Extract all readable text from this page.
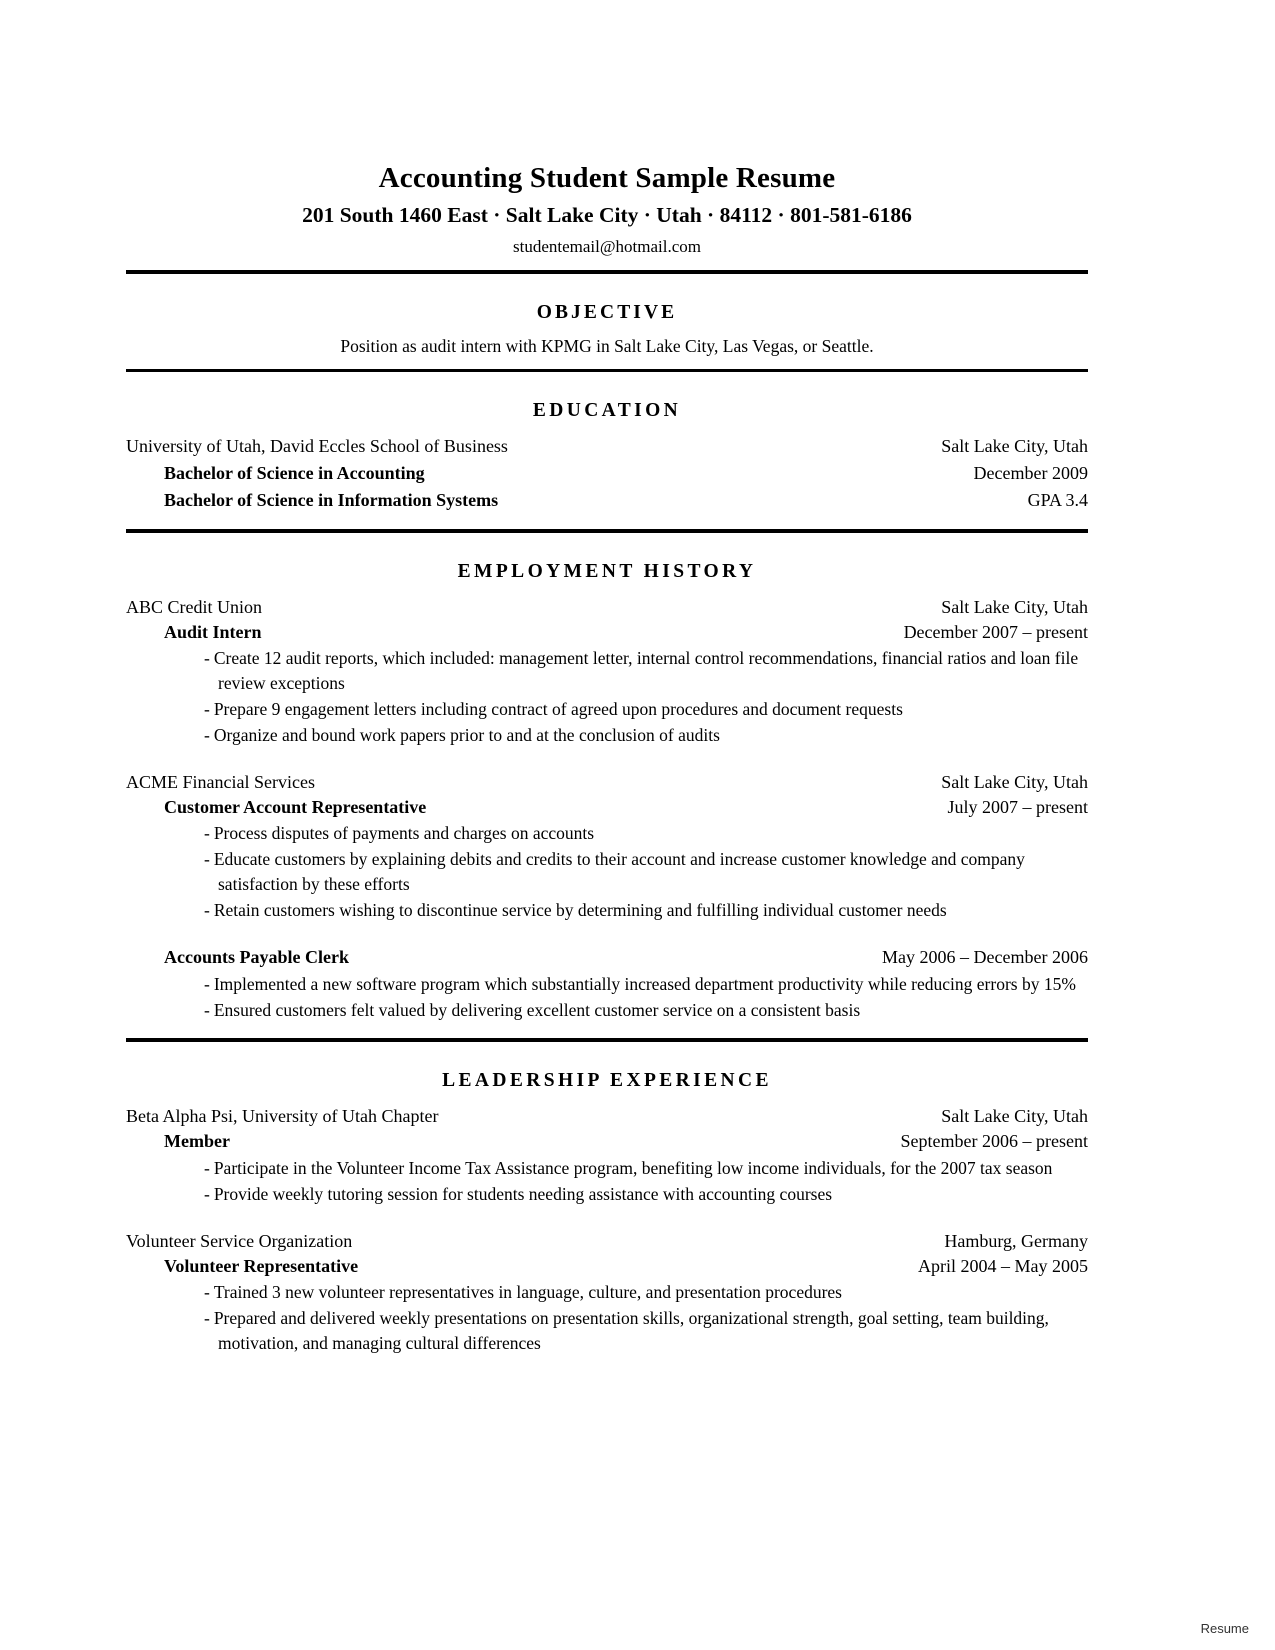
Accounting Student Sample Resume
201 South 1460 East · Salt Lake City · Utah · 84112 · 801-581-6186
studentemail@hotmail.com
OBJECTIVE
Position as audit intern with KPMG in Salt Lake City, Las Vegas, or Seattle.
EDUCATION
University of Utah, David Eccles School of Business	Salt Lake City, Utah
Bachelor of Science in Accounting	December 2009
Bachelor of Science in Information Systems	GPA 3.4
EMPLOYMENT HISTORY
ABC Credit Union	Salt Lake City, Utah
Audit Intern	December 2007 – present
- Create 12 audit reports, which included: management letter, internal control recommendations, financial ratios and loan file review exceptions
- Prepare 9 engagement letters including contract of agreed upon procedures and document requests
- Organize and bound work papers prior to and at the conclusion of audits
ACME Financial Services	Salt Lake City, Utah
Customer Account Representative	July 2007 – present
- Process disputes of payments and charges on accounts
- Educate customers by explaining debits and credits to their account and increase customer knowledge and company satisfaction by these efforts
- Retain customers wishing to discontinue service by determining and fulfilling individual customer needs
Accounts Payable Clerk	May 2006 – December 2006
- Implemented a new software program which substantially increased department productivity while reducing errors by 15%
- Ensured customers felt valued by delivering excellent customer service on a consistent basis
LEADERSHIP EXPERIENCE
Beta Alpha Psi, University of Utah Chapter	Salt Lake City, Utah
Member	September 2006 – present
- Participate in the Volunteer Income Tax Assistance program, benefiting low income individuals, for the 2007 tax season
- Provide weekly tutoring session for students needing assistance with accounting courses
Volunteer Service Organization	Hamburg, Germany
Volunteer Representative	April 2004 – May 2005
- Trained 3 new volunteer representatives in language, culture, and presentation procedures
- Prepared and delivered weekly presentations on presentation skills, organizational strength, goal setting, team building, motivation, and managing cultural differences
Resume
